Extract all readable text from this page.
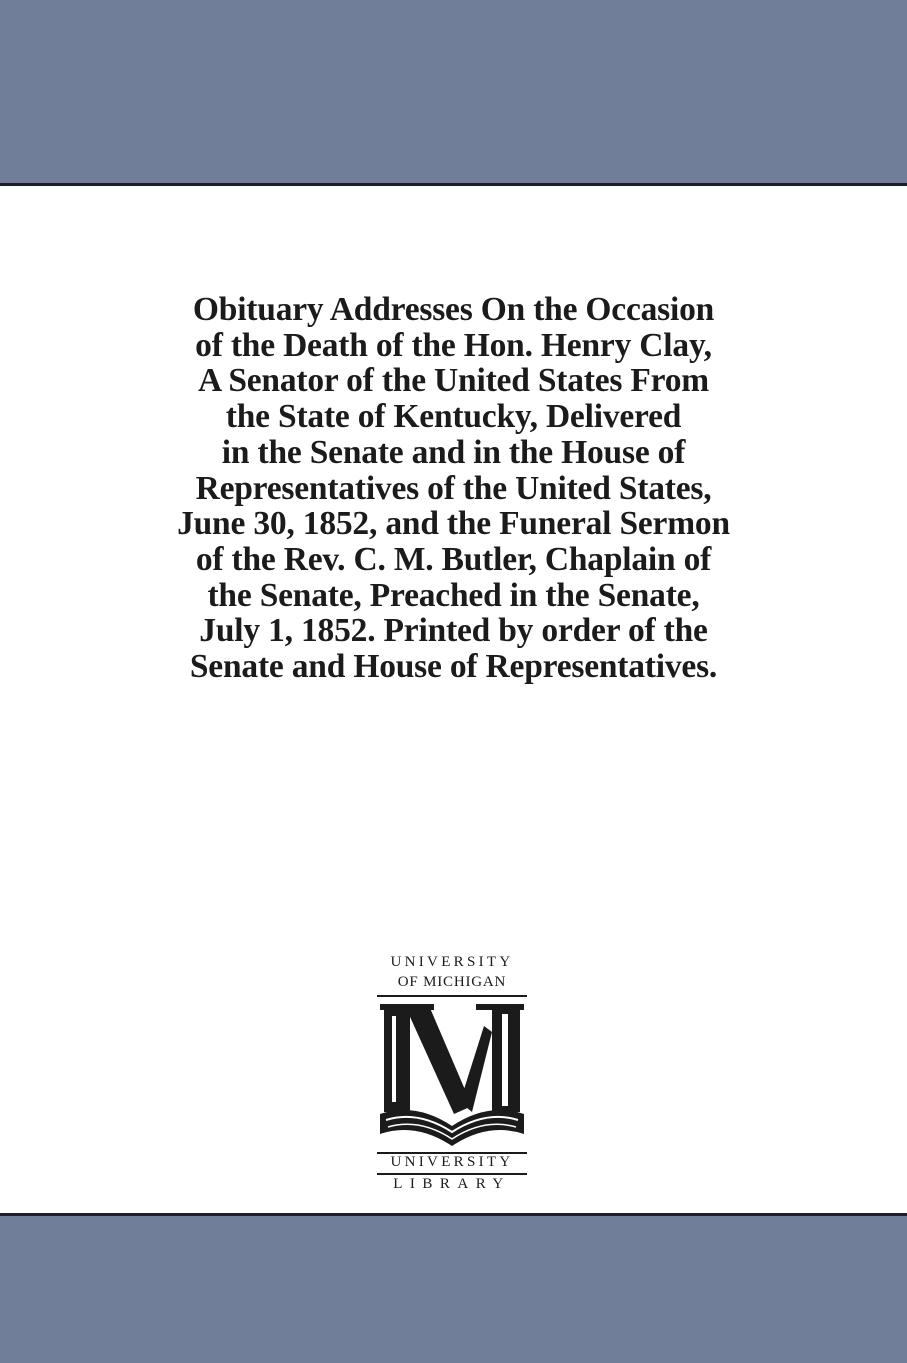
Obituary Addresses On the Occasion
of the Death of the Hon. Henry Clay,
A Senator of the United States From
the State of Kentucky, Delivered
in the Senate and in the House of
Representatives of the United States,
June 30, 1852, and the Funeral Sermon
of the Rev. C. M. Butler, Chaplain of
the Senate, Preached in the Senate,
July 1, 1852. Printed by order of the
Senate and House of Representatives.
UNIVERSITY
OF MICHIGAN
UNIVERSITY
LIBRARY
